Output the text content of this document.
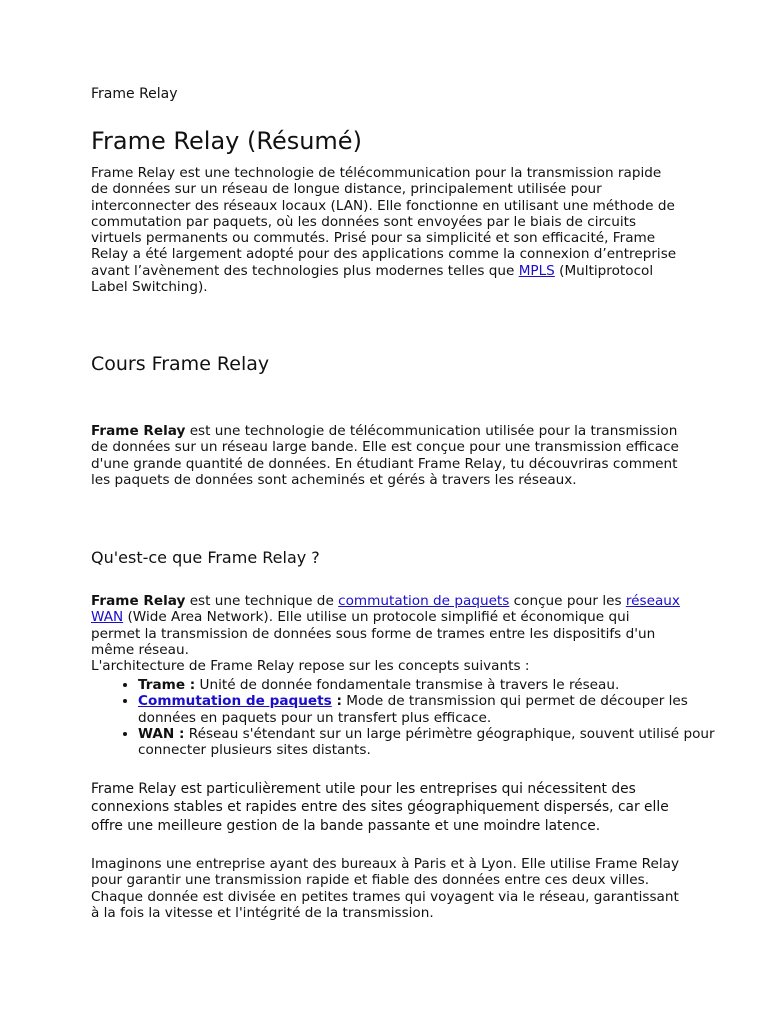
Frame Relay
Frame Relay (Résumé)

Frame Relay est une technologie de télécommunication pour la transmission rapide de données sur un réseau de longue distance, principalement utilisée pour interconnecter des réseaux locaux (LAN). Elle fonctionne en utilisant une méthode de commutation par paquets, où les données sont envoyées par le biais de circuits virtuels permanents ou commutés. Prisé pour sa simplicité et son efficacité, Frame Relay a été largement adopté pour des applications comme la connexion d’entreprise avant l’avènement des technologies plus modernes telles que MPLS (Multiprotocol Label Switching).

Cours Frame Relay

Frame Relay est une technologie de télécommunication utilisée pour la transmission de données sur un réseau large bande. Elle est conçue pour une transmission efficace d'une grande quantité de données. En étudiant Frame Relay, tu découvriras comment les paquets de données sont acheminés et gérés à travers les réseaux.

Qu'est-ce que Frame Relay ?

Frame Relay est une technique de commutation de paquets conçue pour les réseaux WAN (Wide Area Network). Elle utilise un protocole simplifié et économique qui permet la transmission de données sous forme de trames entre les dispositifs d'un même réseau.
L'architecture de Frame Relay repose sur les concepts suivants :

• Trame : Unité de donnée fondamentale transmise à travers le réseau.
• Commutation de paquets : Mode de transmission qui permet de découper les données en paquets pour un transfert plus efficace.
• WAN : Réseau s'étendant sur un large périmètre géographique, souvent utilisé pour connecter plusieurs sites distants.

Frame Relay est particulièrement utile pour les entreprises qui nécessitent des connexions stables et rapides entre des sites géographiquement dispersés, car elle offre une meilleure gestion de la bande passante et une moindre latence.

Imaginons une entreprise ayant des bureaux à Paris et à Lyon. Elle utilise Frame Relay pour garantir une transmission rapide et fiable des données entre ces deux villes. Chaque donnée est divisée en petites trames qui voyagent via le réseau, garantissant à la fois la vitesse et l'intégrité de la transmission.
